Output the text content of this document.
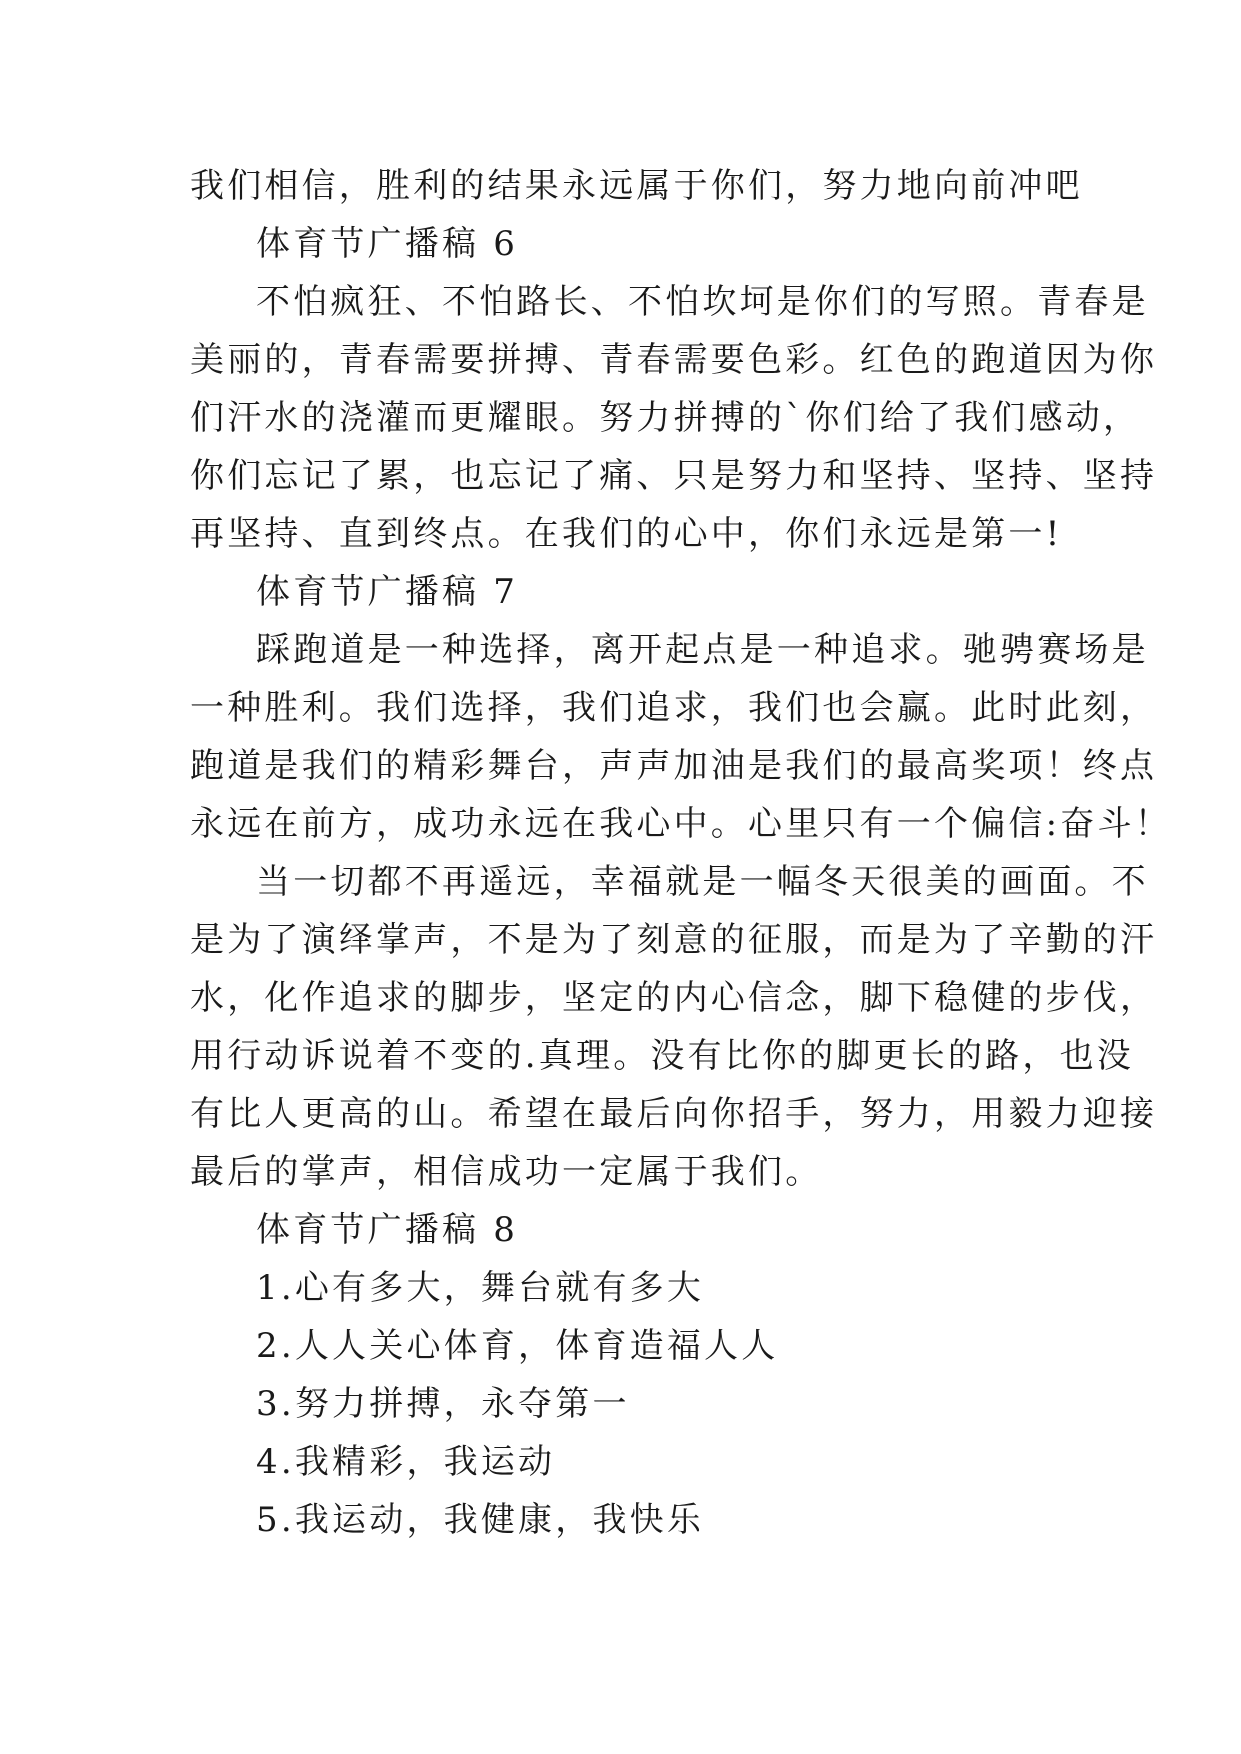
我们相信，胜利的结果永远属于你们，努力地向前冲吧
体育节广播稿 6
不怕疯狂、不怕路长、不怕坎坷是你们的写照。青春是
美丽的，青春需要拼搏、青春需要色彩。红色的跑道因为你
们汗水的浇灌而更耀眼。努力拼搏的`你们给了我们感动，
你们忘记了累，也忘记了痛、只是努力和坚持、坚持、坚持
再坚持、直到终点。在我们的心中，你们永远是第一!
体育节广播稿 7
踩跑道是一种选择，离开起点是一种追求。驰骋赛场是
一种胜利。我们选择，我们追求，我们也会赢。此时此刻，
跑道是我们的精彩舞台，声声加油是我们的最高奖项！终点
永远在前方，成功永远在我心中。心里只有一个偏信:奋斗！
当一切都不再遥远，幸福就是一幅冬天很美的画面。不
是为了演绎掌声，不是为了刻意的征服，而是为了辛勤的汗
水，化作追求的脚步，坚定的内心信念，脚下稳健的步伐，
用行动诉说着不变的.真理。没有比你的脚更长的路，也没
有比人更高的山。希望在最后向你招手，努力，用毅力迎接
最后的掌声，相信成功一定属于我们。
体育节广播稿 8
1.心有多大，舞台就有多大
2.人人关心体育，体育造福人人
3.努力拼搏，永夺第一
4.我精彩，我运动
5.我运动，我健康，我快乐
